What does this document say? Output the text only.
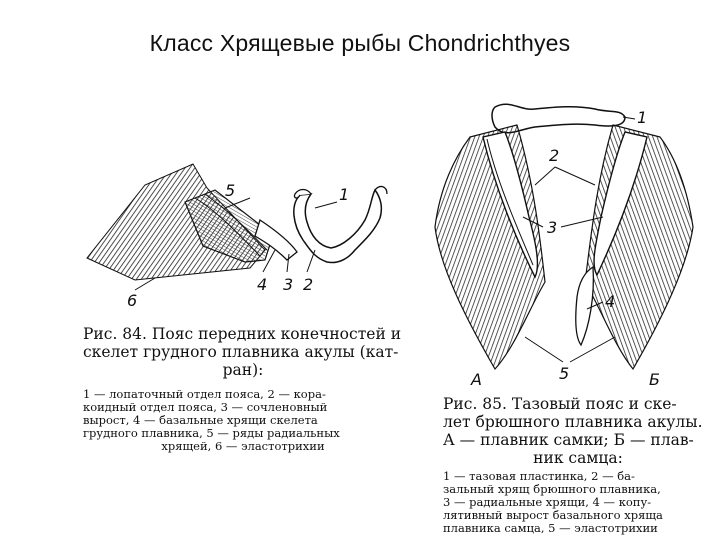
Класс Хрящевые рыбы Chondrichthyes
1
2
3
4
5
6
Рис. 84. Пояс передних конечностей и
скелет грудного плавника акулы (кат-
ран):
1 — лопаточный отдел пояса, 2 — кора-
коидный отдел пояса, 3 — сочленовный
вырост, 4 — базальные хрящи скелета
грудного плавника, 5 — ряды радиальных
хрящей, 6 — эластотрихии
1
2
3
4
5
А	Б
Рис. 85. Тазовый пояс и ске-
лет брюшного плавника акулы.
А — плавник самки; Б — плав-
ник самца:
1 — тазовая пластинка, 2 — ба-
зальный хрящ брюшного плавника,
3 — радиальные хрящи, 4 — копу-
лятивный вырост базального хряща
плавника самца, 5 — эластотрихии
